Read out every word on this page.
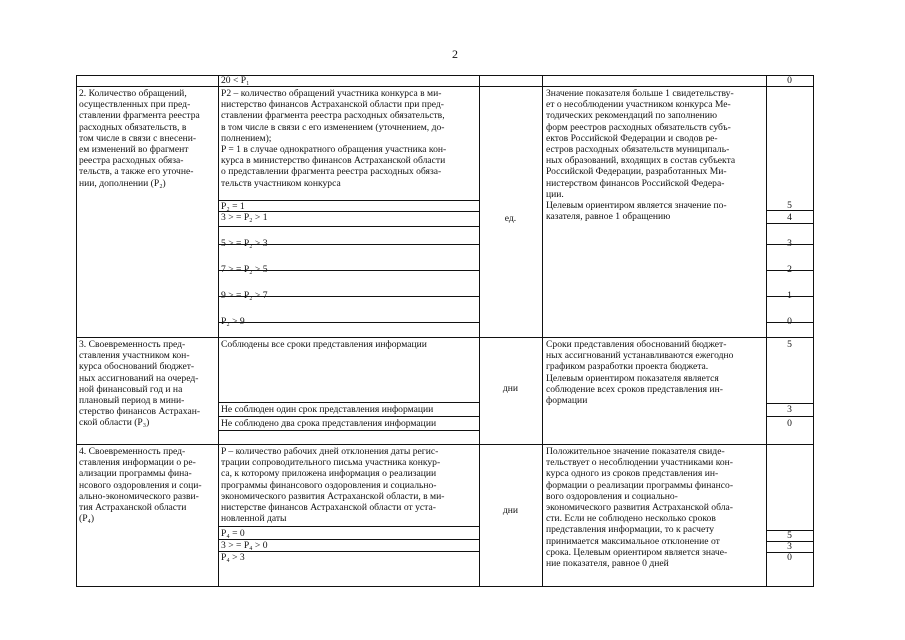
2
20 < P₁	0
2. Количество обращений,
осуществленных при пред-
ставлении фрагмента реестра
расходных обязательств, в
том числе в связи с внесени-
ем изменений во фрагмент
реестра расходных обяза-
тельств, а также его уточне-
нии, дополнении (P₂)
P2 – количество обращений участника конкурса в ми-
нистерство финансов Астраханской области при пред-
ставлении фрагмента реестра расходных обязательств,
в том числе в связи с его изменением (уточнением, до-
полнением);
P = 1 в случае однократного обращения участника кон-
курса в министерство финансов Астраханской области
о представлении фрагмента реестра расходных обяза-
тельств участником конкурса
ед.
Значение показателя больше 1 свидетельству-
ет о несоблюдении участником конкурса Ме-
тодических рекомендаций по заполнению
форм реестров расходных обязательств субъ-
ектов Российской Федерации и сводов ре-
естров расходных обязательств муниципаль-
ных образований, входящих в состав субъекта
Российской Федерации, разработанных Ми-
нистерством финансов Российской Федера-
ции.
Целевым ориентиром является значение по-
казателя, равное 1 обращению
P₂ = 1
3 > = P₂ > 1
5 > = P₂ > 3
7 > = P₂ > 5
9 > = P₂ > 7
P₂ > 9
5
4
3
2
1
0
3. Своевременность пред-
ставления участником кон-
курса обоснований бюджет-
ных ассигнований на очеред-
ной финансовый год и на
плановый период в мини-
стерство финансов Астрахан-
ской области (P₃)
дни
Сроки представления обоснований бюджет-
ных ассигнований устанавливаются ежегодно
графиком разработки проекта бюджета.
Целевым ориентиром показателя является
соблюдение всех сроков представления ин-
формации
Соблюдены все сроки представления информации
Не соблюден один срок представления информации
Не соблюдено два срока представления информации
5
3
0
4. Своевременность пред-
ставления информации о ре-
ализации программы фина-
нсового оздоровления и соци-
ально-экономического разви-
тия Астраханской области
(P₄)
P – количество рабочих дней отклонения даты регис-
трации сопроводительного письма участника конкур-
са, к которому приложена информация о реализации
программы финансового оздоровления и социально-
экономического развития Астраханской области, в ми-
нистерстве финансов Астраханской области от уста-
новленной даты
дни
Положительное значение показателя свиде-
тельствует о несоблюдении участниками кон-
курса одного из сроков представления ин-
формации о реализации программы финансо-
вого оздоровления и социально-
экономического развития Астраханской обла-
сти. Если не соблюдено несколько сроков
представления информации, то к расчету
принимается максимальное отклонение от
срока. Целевым ориентиром является значе-
ние показателя, равное 0 дней
P₄ = 0
3 > = P₄ > 0
P₄ > 3
5
3
0
